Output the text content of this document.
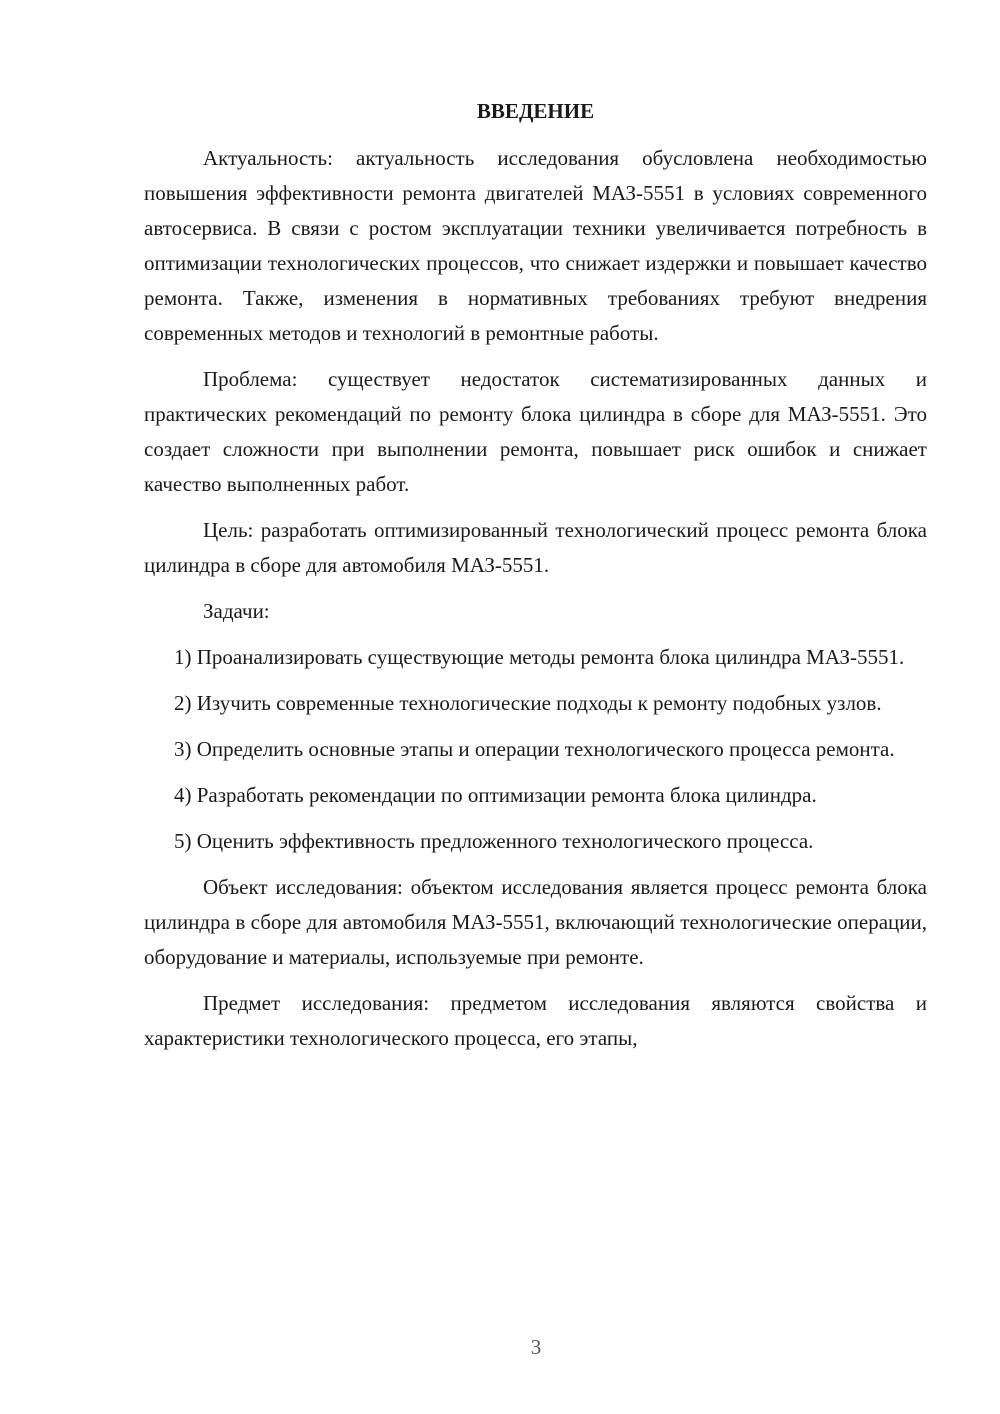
ВВЕДЕНИЕ

Актуальность: актуальность исследования обусловлена необходимостью повышения эффективности ремонта двигателей МАЗ-5551 в условиях современного автосервиса. В связи с ростом эксплуатации техники увеличивается потребность в оптимизации технологических процессов, что снижает издержки и повышает качество ремонта. Также, изменения в нормативных требованиях требуют внедрения современных методов и технологий в ремонтные работы.

Проблема: существует недостаток систематизированных данных и практических рекомендаций по ремонту блока цилиндра в сборе для МАЗ-5551. Это создает сложности при выполнении ремонта, повышает риск ошибок и снижает качество выполненных работ.

Цель: разработать оптимизированный технологический процесс ремонта блока цилиндра в сборе для автомобиля МАЗ-5551.

Задачи:

1) Проанализировать существующие методы ремонта блока цилиндра МАЗ-5551.

2) Изучить современные технологические подходы к ремонту подобных узлов.

3) Определить основные этапы и операции технологического процесса ремонта.

4) Разработать рекомендации по оптимизации ремонта блока цилиндра.

5) Оценить эффективность предложенного технологического процесса.

Объект исследования: объектом исследования является процесс ремонта блока цилиндра в сборе для автомобиля МАЗ-5551, включающий технологические операции, оборудование и материалы, используемые при ремонте.

Предмет исследования: предметом исследования являются свойства и характеристики технологического процесса, его этапы,

3
